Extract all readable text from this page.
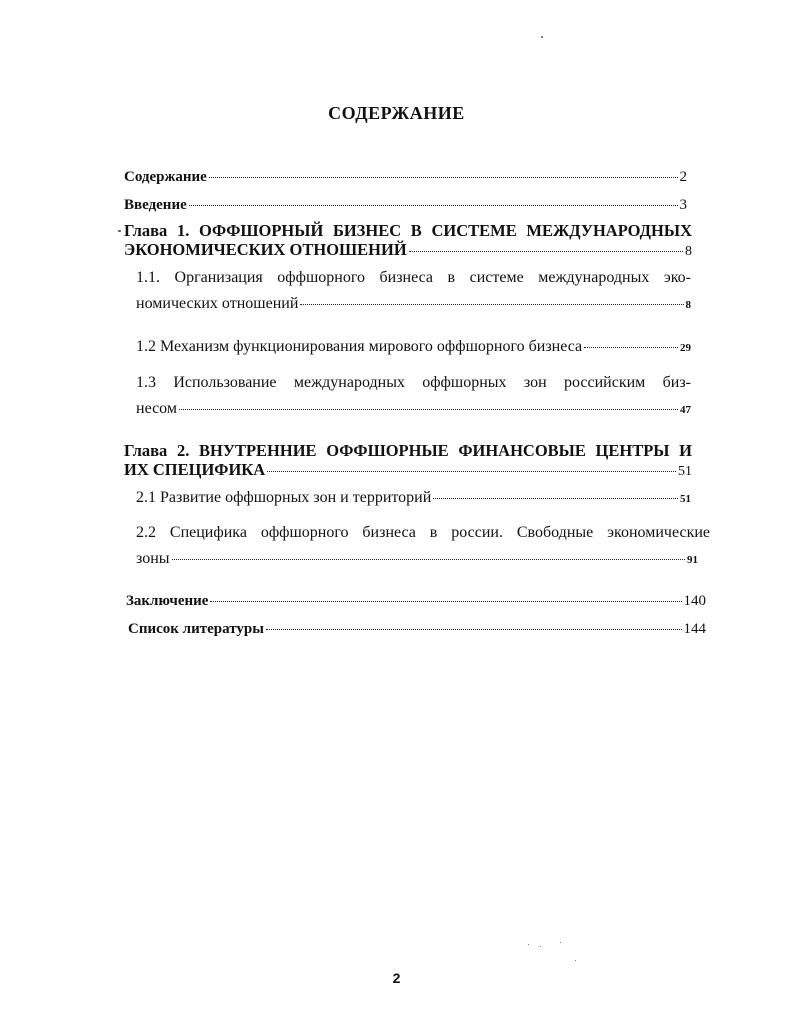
СОДЕРЖАНИЕ
Содержание	2
Введение	3
Глава 1. ОФФШОРНЫЙ БИЗНЕС В СИСТЕМЕ МЕЖДУНАРОДНЫХ
ЭКОНОМИЧЕСКИХ ОТНОШЕНИЙ	8
1.1. Организация оффшорного бизнеса в системе международных эко-
номических отношений	8
1.2 Механизм функционирования мирового оффшорного бизнеса	29
1.3 Использование международных оффшорных зон российским биз-
несом	47
Глава 2. ВНУТРЕННИЕ ОФФШОРНЫЕ ФИНАНСОВЫЕ ЦЕНТРЫ И
ИХ СПЕЦИФИКА	51
2.1 Развитие оффшорных зон и территорий	51
2.2 Специфика оффшорного бизнеса в россии. Свободные экономические
зоны	91
Заключение	140
Список литературы	144
2
